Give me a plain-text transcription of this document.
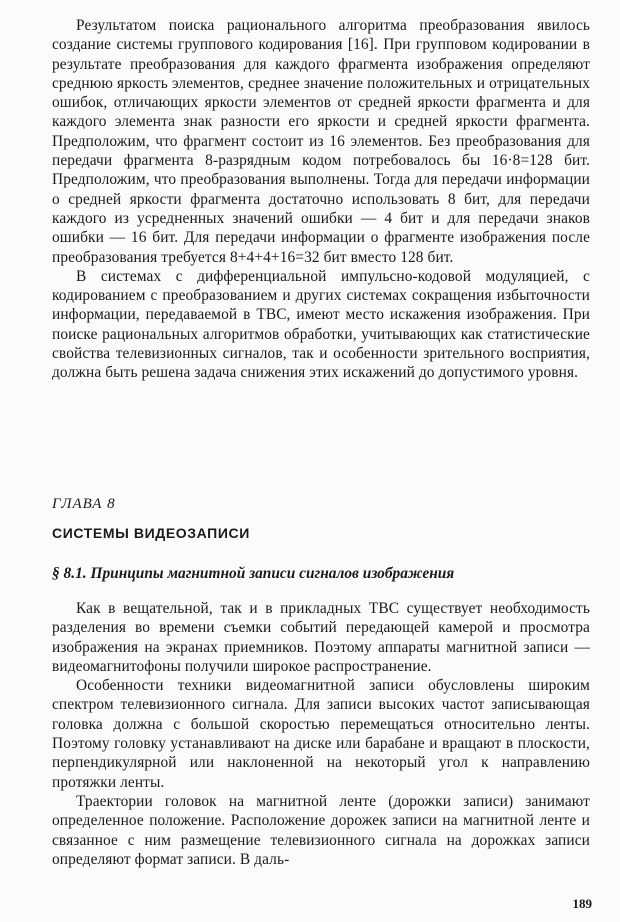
Результатом поиска рационального алгоритма преобразования явилось создание системы группового кодирования [16]. При групповом кодировании в результате преобразования для каждого фрагмента изображения определяют среднюю яркость элементов, среднее значение положительных и отрицательных ошибок, отличающих яркости элементов от средней яркости фрагмента и для каждого элемента знак разности его яркости и средней яркости фрагмента. Предположим, что фрагмент состоит из 16 элементов. Без преобразования для передачи фрагмента 8-разрядным кодом потребовалось бы 16·8=128 бит. Предположим, что преобразования выполнены. Тогда для передачи информации о средней яркости фрагмента достаточно использовать 8 бит, для передачи каждого из усредненных значений ошибки — 4 бит и для передачи знаков ошибки — 16 бит. Для передачи информации о фрагменте изображения после преобразования требуется 8+4+4+16=32 бит вместо 128 бит.

В системах с дифференциальной импульсно-кодовой модуляцией, с кодированием с преобразованием и других системах сокращения избыточности информации, передаваемой в ТВС, имеют место искажения изображения. При поиске рациональных алгоритмов обработки, учитывающих как статистические свойства телевизионных сигналов, так и особенности зрительного восприятия, должна быть решена задача снижения этих искажений до допустимого уровня.

ГЛАВА 8
СИСТЕМЫ ВИДЕОЗАПИСИ
§ 8.1. Принципы магнитной записи сигналов изображения

Как в вещательной, так и в прикладных ТВС существует необходимость разделения во времени съемки событий передающей камерой и просмотра изображения на экранах приемников. Поэтому аппараты магнитной записи — видеомагнитофоны получили широкое распространение.

Особенности техники видеомагнитной записи обусловлены широким спектром телевизионного сигнала. Для записи высоких частот записывающая головка должна с большой скоростью перемещаться относительно ленты. Поэтому головку устанавливают на диске или барабане и вращают в плоскости, перпендикулярной или наклоненной на некоторый угол к направлению протяжки ленты.

Траектории головок на магнитной ленте (дорожки записи) занимают определенное положение. Расположение дорожек записи на магнитной ленте и связанное с ним размещение телевизионного сигнала на дорожках записи определяют формат записи. В даль-

189
